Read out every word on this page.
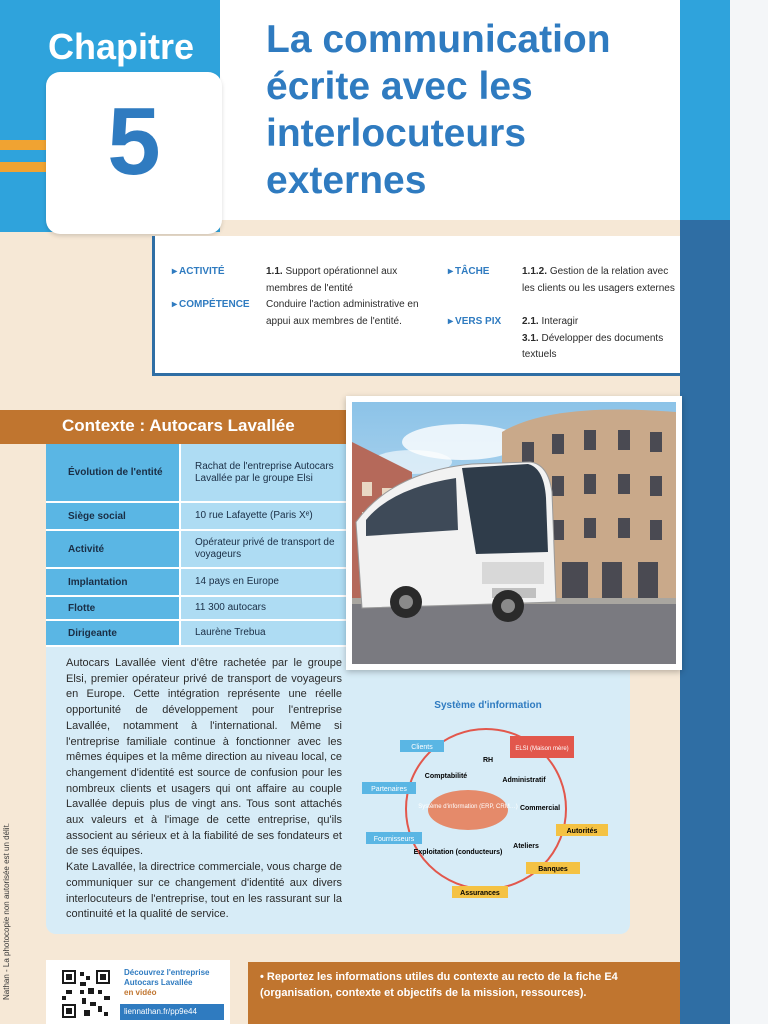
Chapitre
5
La communication écrite avec les interlocuteurs externes
▸ ACTIVITÉ	1.1. Support opérationnel aux membres de l'entité
▸ COMPÉTENCE Conduire l'action administrative en appui aux membres de l'entité.
▸ TÂCHE	1.1.2. Gestion de la relation avec les clients ou les usagers externes
▸ VERS PIX 2.1. Interagir
3.1. Développer des documents textuels
Contexte : Autocars Lavallée
Évolution de l'entité	Rachat de l'entreprise Autocars Lavallée par le groupe Elsi
Siège social	10 rue Lafayette (Paris Xᵉ)
Activité	Opérateur privé de transport de voyageurs
Implantation	14 pays en Europe
Flotte	11 300 autocars
Dirigeante	Laurène Trebua

Autocars Lavallée vient d'être rachetée par le groupe Elsi, premier opérateur privé de transport de voyageurs en Europe. Cette intégration représente une réelle opportunité de développement pour l'entreprise Lavallée, notamment à l'international. Même si l'entreprise familiale continue à fonctionner avec les mêmes équipes et la même direction au niveau local, ce changement d'identité est source de confusion pour les nombreux clients et usagers qui ont affaire au couple Lavallée depuis plus de vingt ans. Tous sont attachés aux valeurs et à l'image de cette entreprise, qu'ils associent au sérieux et à la fiabilité de ses fondateurs et de ses équipes.

Kate Lavallée, la directrice commerciale, vous charge de communiquer sur ce changement d'identité aux divers interlocuteurs de l'entreprise, tout en les rassurant sur la continuité et la qualité de service.

Système d'information
Système d'information (ERP, CRM…)
RH
Comptabilité
Administratif
Commercial
Ateliers
Exploitation (conducteurs)
Clients	ELSI (Maison mère)
Partenaires
Fournisseurs
Autorités
Banques
Assurances
Nathan - La photocopie non autorisée est un délit.	Découvrez l'entreprise Autocars Lavallée
en vidéo
liennathan.fr/pp9e44
• Reportez les informations utiles du contexte au recto de la fiche E4 (organisation, contexte et objectifs de la mission, ressources).
